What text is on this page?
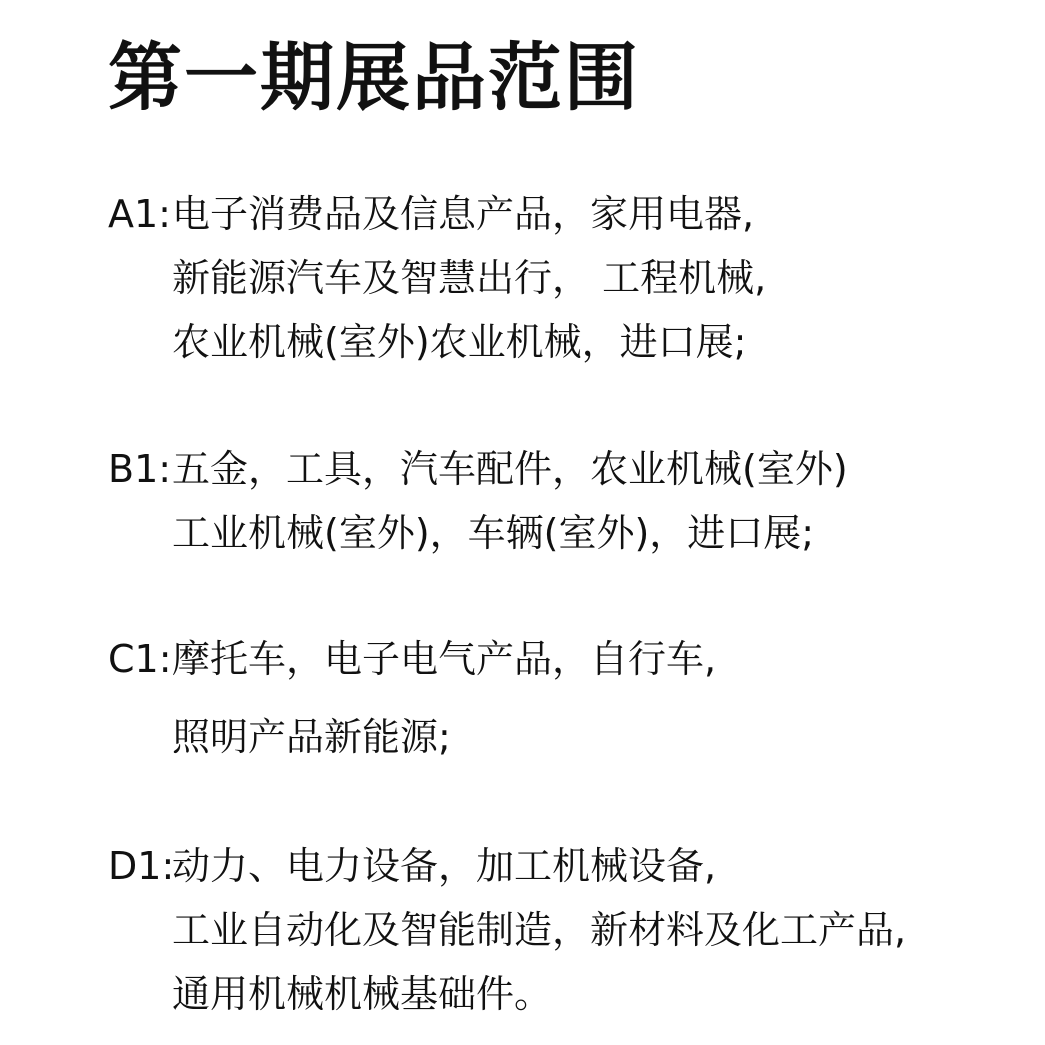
第一期展品范围
A1:电子消费品及信息产品，家用电器,
新能源汽车及智慧出行， 工程机械,
农业机械(室外)农业机械，进口展;
B1:五金，工具，汽车配件，农业机械(室外)
工业机械(室外)，车辆(室外)，进口展;
C1:摩托车，电子电气产品，自行车,
照明产品新能源;
D1:动力、电力设备，加工机械设备,
工业自动化及智能制造，新材料及化工产品,
通用机械机械基础件。
